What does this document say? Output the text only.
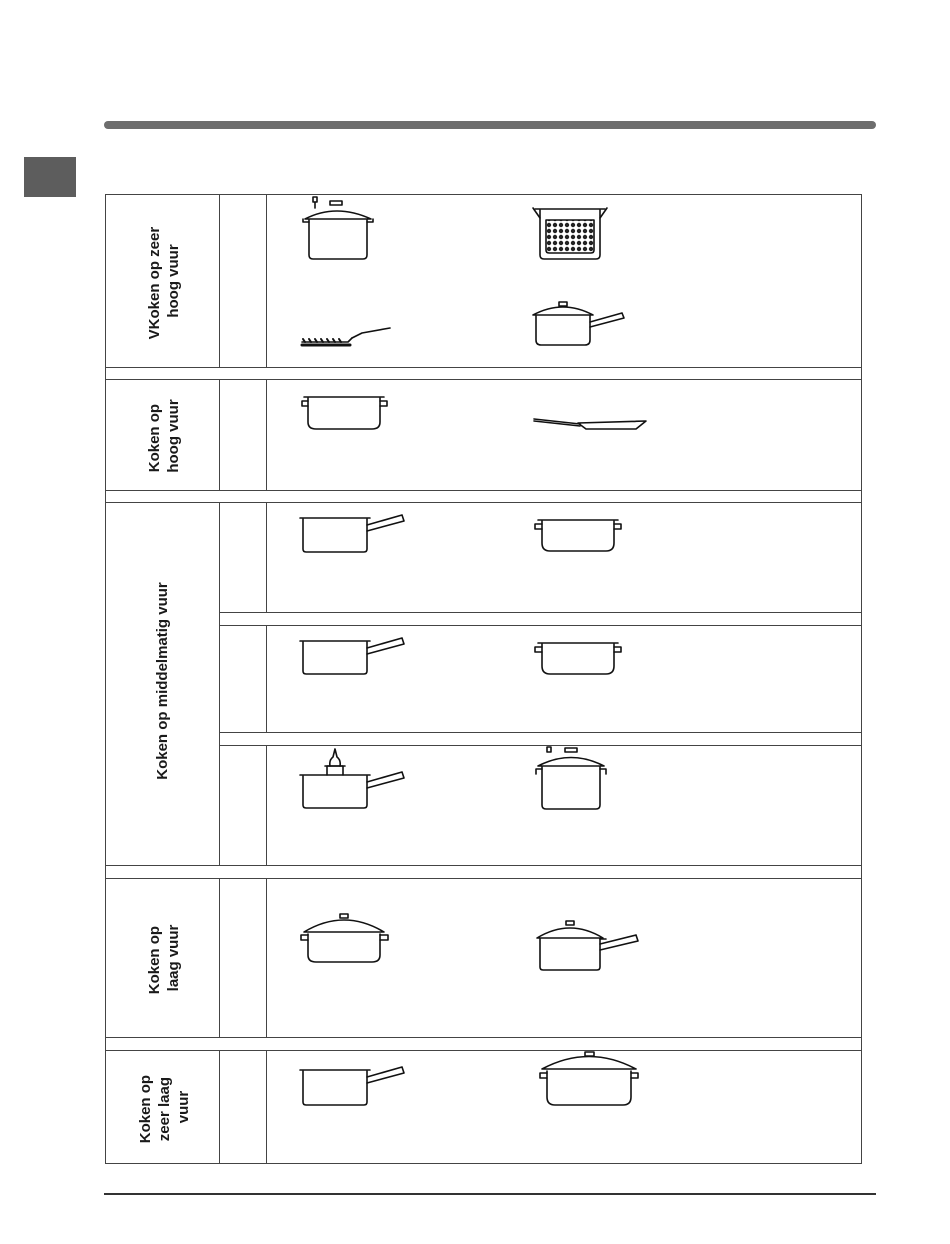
VKoken op zeer hoog vuur
Koken op hoog vuur
Koken op middelmatig vuur
Koken op laag vuur
Koken op zeer laag vuur
